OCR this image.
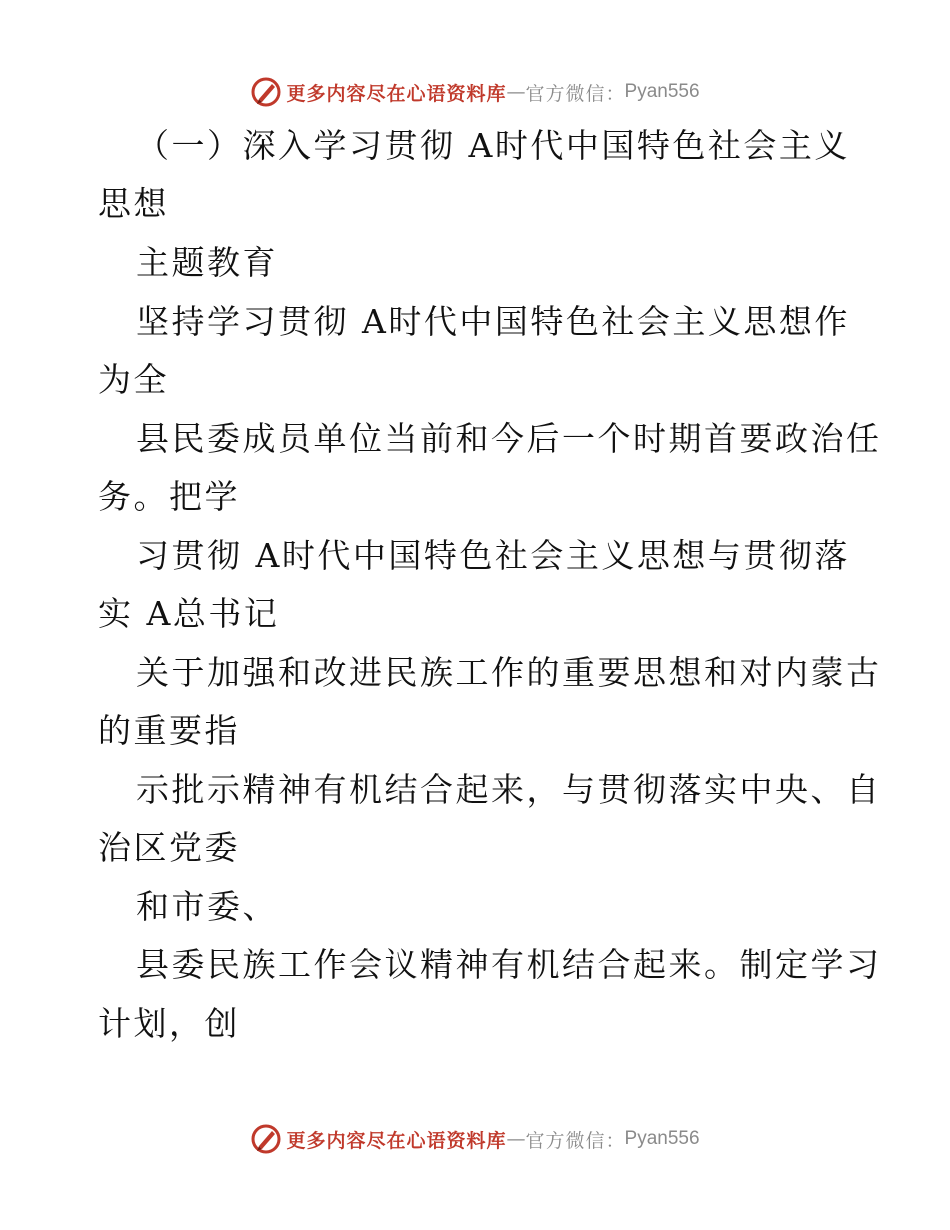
更多内容尽在心语资料库 — 官方微信 ： Pyan556
（一）深入学习贯彻 A时代中国特色社会主义
思想
主题教育
坚持学习贯彻 A时代中国特色社会主义思想作
为全
县民委成员单位当前和今后一个时期首要政治任
务。把学
习贯彻 A时代中国特色社会主义思想与贯彻落
实 A总书记
关于加强和改进民族工作的重要思想和对内蒙古
的重要指
示批示精神有机结合起来，与贯彻落实中央、自
治区党委
和市委、
县委民族工作会议精神有机结合起来。制定学习
计划，创
更多内容尽在心语资料库 — 官方微信 ： Pyan556
